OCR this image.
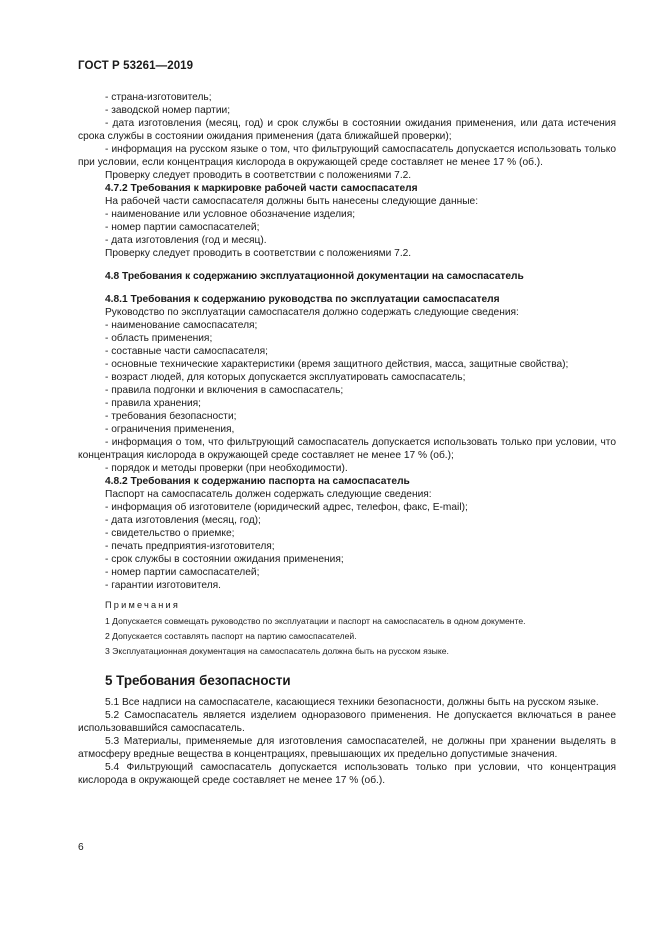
ГОСТ Р 53261—2019

- страна-изготовитель;

- заводской номер партии;

- дата изготовления (месяц, год) и срок службы в состоянии ожидания применения, или дата истечения срока службы в состоянии ожидания применения (дата ближайшей проверки);

- информация на русском языке о том, что фильтрующий самоспасатель допускается использовать только при условии, если концентрация кислорода в окружающей среде составляет не менее 17 % (об.).

Проверку следует проводить в соответствии с положениями 7.2.

4.7.2 Требования к маркировке рабочей части самоспасателя

На рабочей части самоспасателя должны быть нанесены следующие данные:

- наименование или условное обозначение изделия;

- номер партии самоспасателей;

- дата изготовления (год и месяц).

Проверку следует проводить в соответствии с положениями 7.2.

4.8 Требования к содержанию эксплуатационной документации на самоспасатель

4.8.1 Требования к содержанию руководства по эксплуатации самоспасателя

Руководство по эксплуатации самоспасателя должно содержать следующие сведения:

- наименование самоспасателя;

- область применения;

- составные части самоспасателя;

- основные технические характеристики (время защитного действия, масса, защитные свойства);

- возраст людей, для которых допускается эксплуатировать самоспасатель;

- правила подгонки и включения в самоспасатель;

- правила хранения;

- требования безопасности;

- ограничения применения,

- информация о том, что фильтрующий самоспасатель допускается использовать только при условии, что концентрация кислорода в окружающей среде составляет не менее 17 % (об.);

- порядок и методы проверки (при необходимости).

4.8.2 Требования к содержанию паспорта на самоспасатель

Паспорт на самоспасатель должен содержать следующие сведения:

- информация об изготовителе (юридический адрес, телефон, факс, E-mail);

- дата изготовления (месяц, год);

- свидетельство о приемке;

- печать предприятия-изготовителя;

- срок службы в состоянии ожидания применения;

- номер партии самоспасателей;

- гарантии изготовителя.

Примечания

1 Допускается совмещать руководство по эксплуатации и паспорт на самоспасатель в одном документе.

2 Допускается составлять паспорт на партию самоспасателей.

3 Эксплуатационная документация на самоспасатель должна быть на русском языке.

5 Требования безопасности

5.1 Все надписи на самоспасателе, касающиеся техники безопасности, должны быть на русском языке.

5.2 Самоспасатель является изделием одноразового применения. Не допускается включаться в ранее использовавшийся самоспасатель.

5.3 Материалы, применяемые для изготовления самоспасателей, не должны при хранении выделять в атмосферу вредные вещества в концентрациях, превышающих их предельно допустимые значения.

5.4 Фильтрующий самоспасатель допускается использовать только при условии, что концентрация кислорода в окружающей среде составляет не менее 17 % (об.).

6
